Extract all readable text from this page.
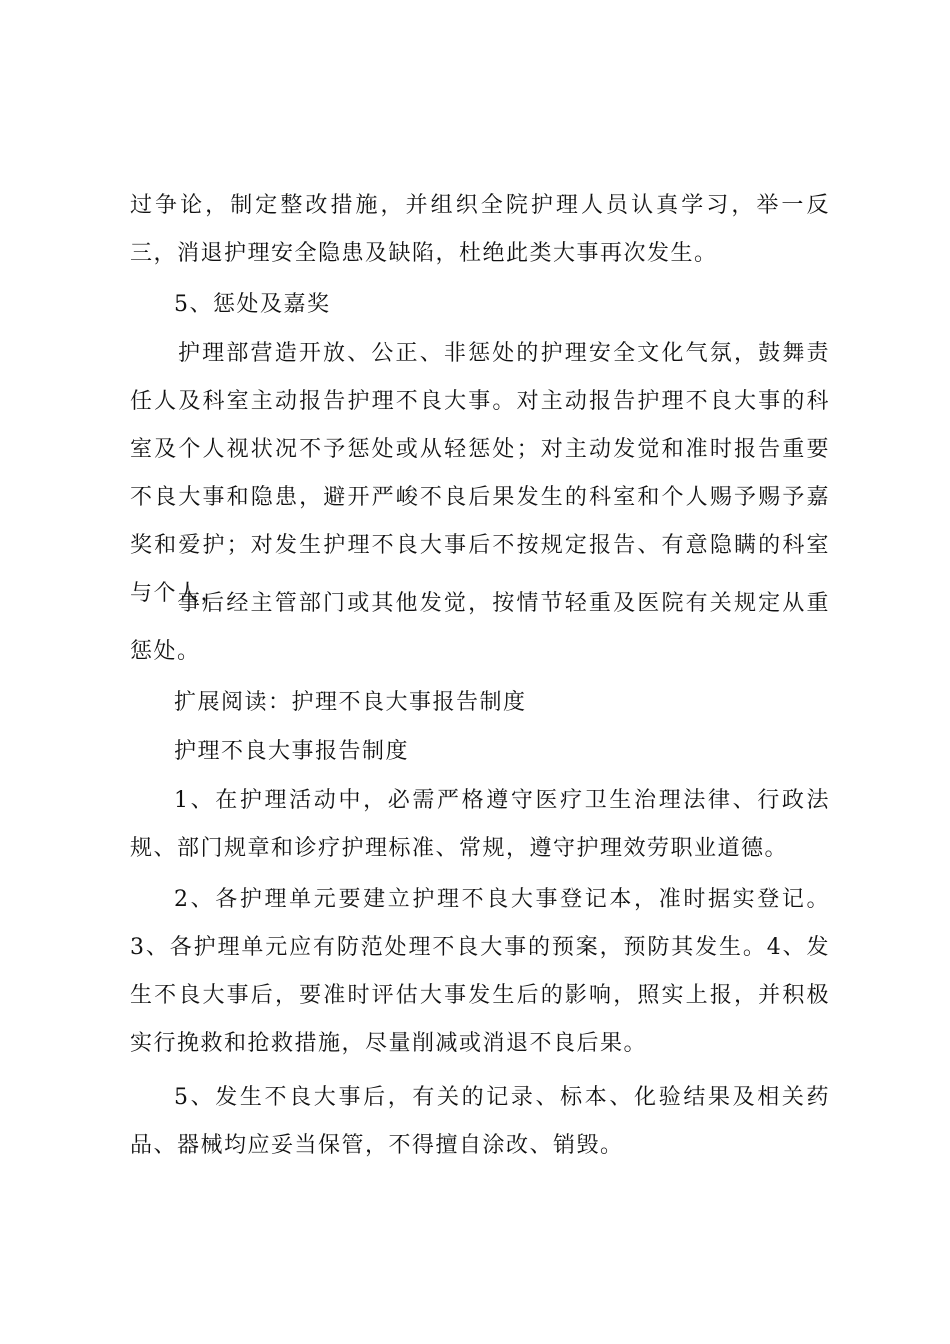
过争论，制定整改措施，并组织全院护理人员认真学习，举一反三，消退护理安全隐患及缺陷，杜绝此类大事再次发生。

5、惩处及嘉奖

护理部营造开放、公正、非惩处的护理安全文化气氛，鼓舞责任人及科室主动报告护理不良大事。对主动报告护理不良大事的科室及个人视状况不予惩处或从轻惩处；对主动发觉和准时报告重要不良大事和隐患，避开严峻不良后果发生的科室和个人赐予赐予嘉奖和爱护；对发生护理不良大事后不按规定报告、有意隐瞒的科室与个人，

事后经主管部门或其他发觉，按情节轻重及医院有关规定从重惩处。

扩展阅读：护理不良大事报告制度

护理不良大事报告制度

1、在护理活动中，必需严格遵守医疗卫生治理法律、行政法规、部门规章和诊疗护理标准、常规，遵守护理效劳职业道德。

2、各护理单元要建立护理不良大事登记本，准时据实登记。3、各护理单元应有防范处理不良大事的预案，预防其发生。4、发生不良大事后，要准时评估大事发生后的影响，照实上报，并积极实行挽救和抢救措施，尽量削减或消退不良后果。

5、发生不良大事后，有关的记录、标本、化验结果及相关药品、器械均应妥当保管，不得擅自涂改、销毁。
